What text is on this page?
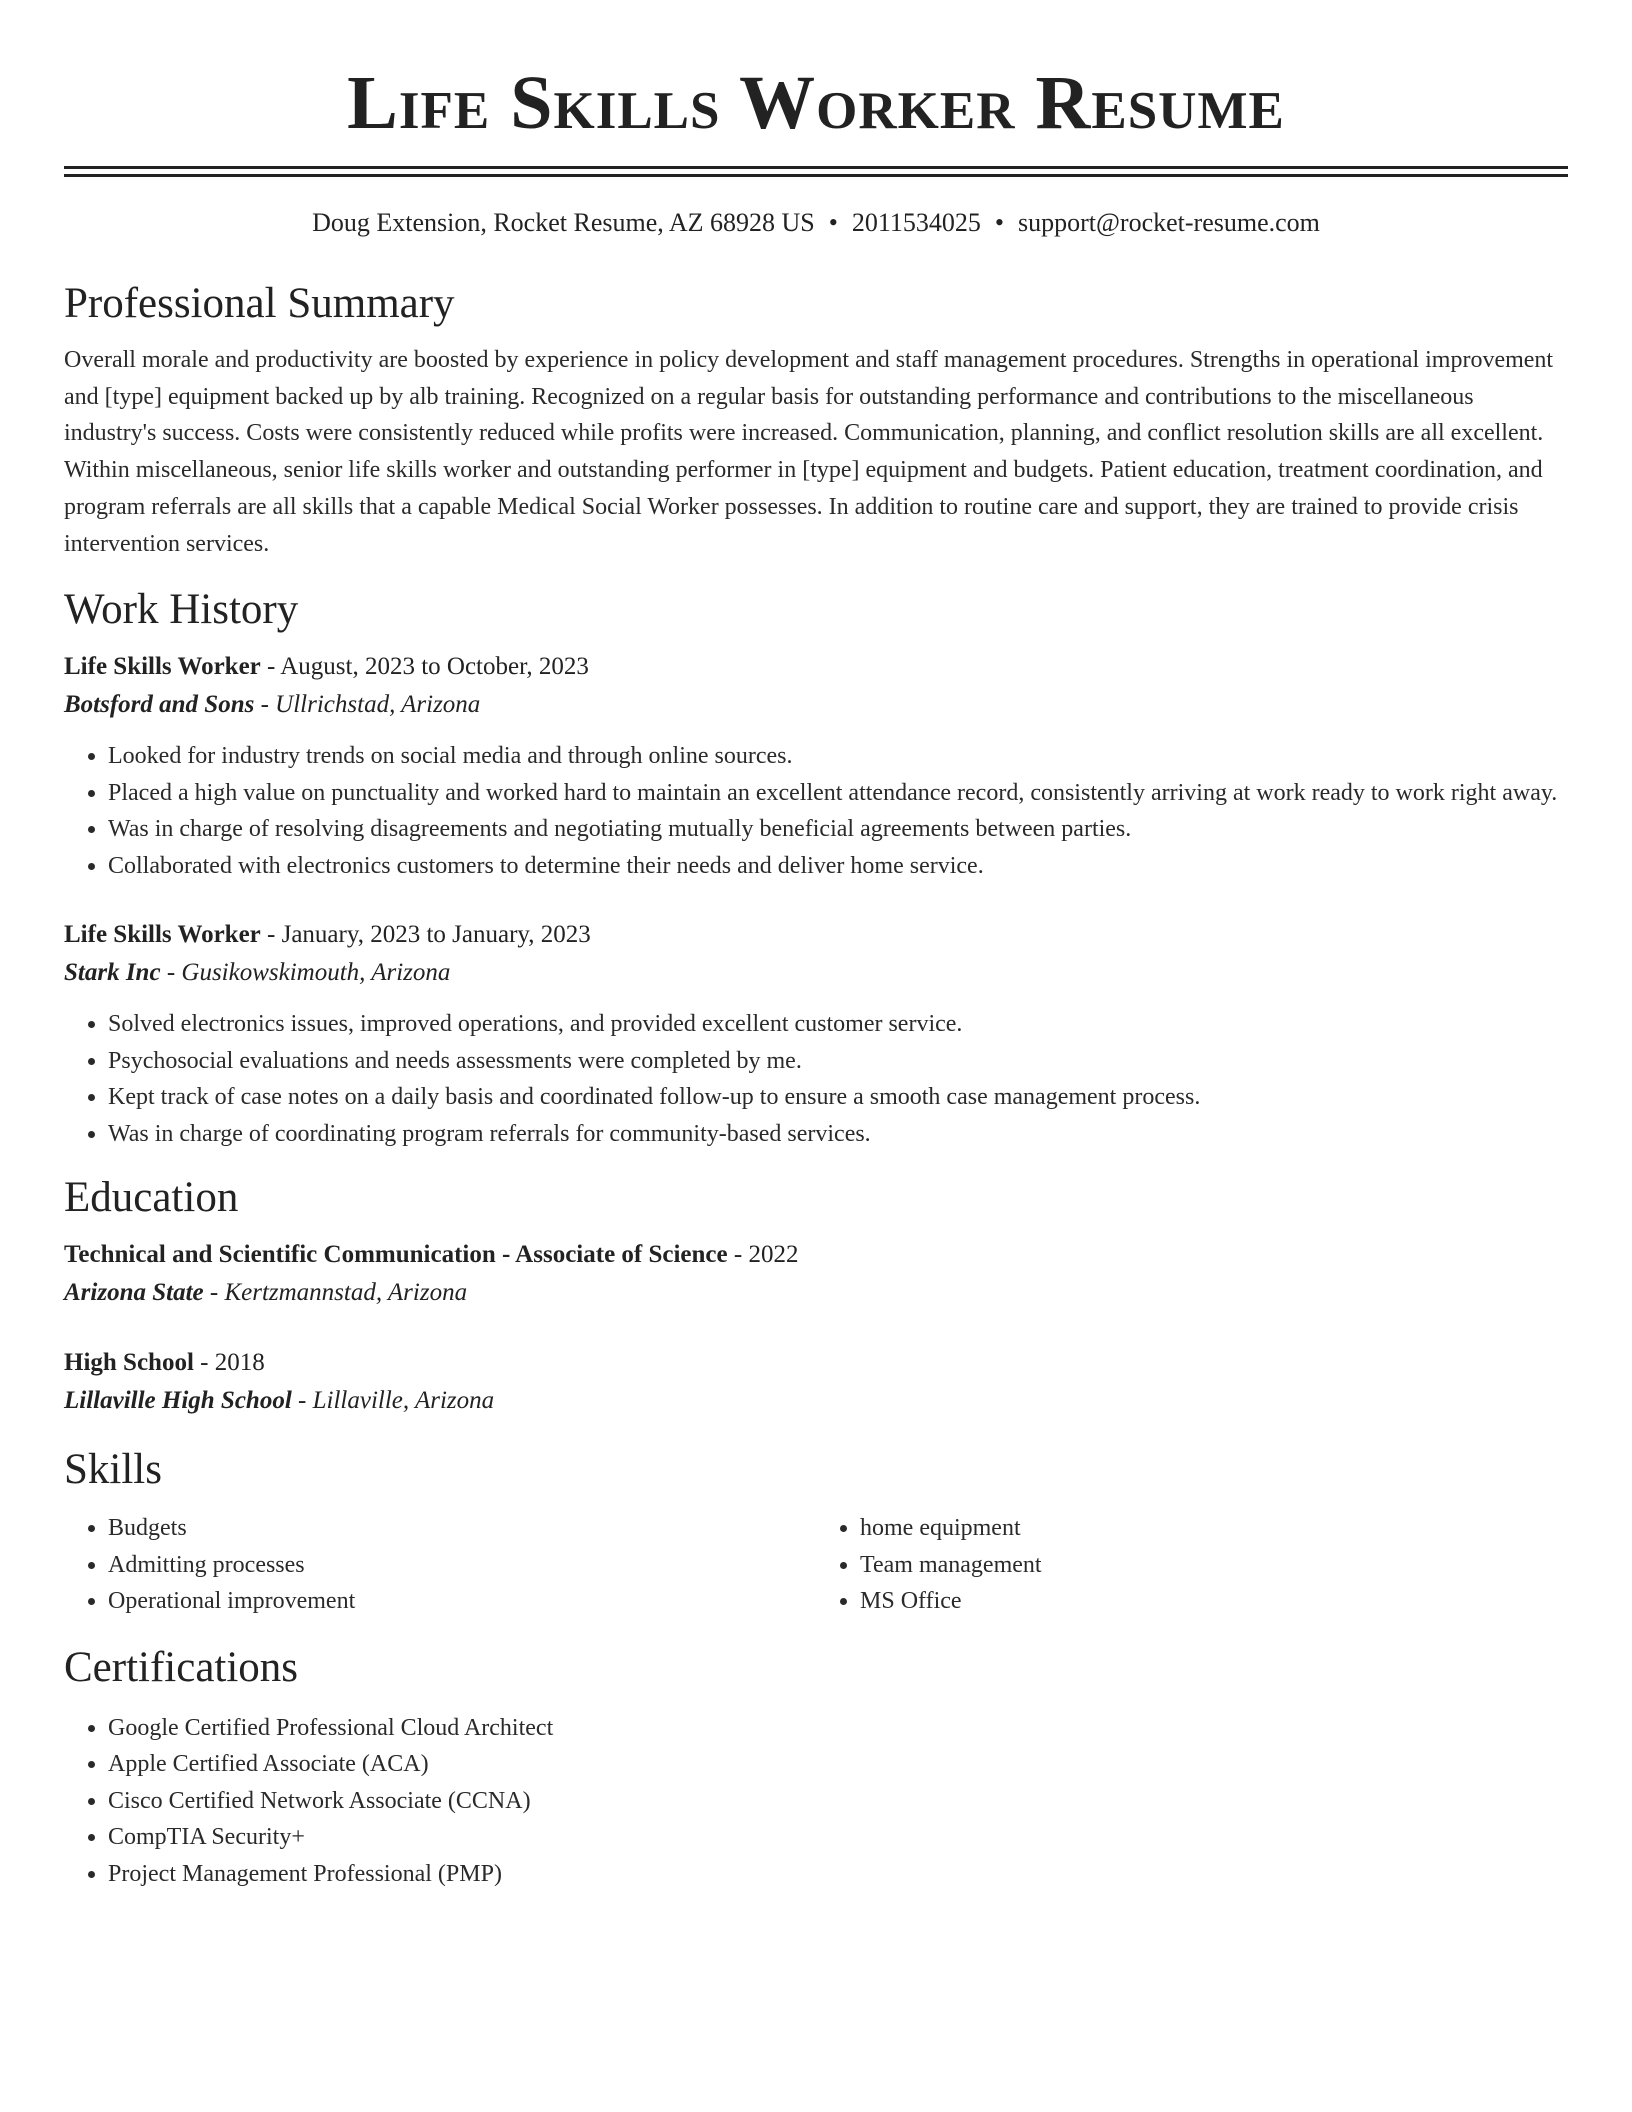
Life Skills Worker Resume
Doug Extension, Rocket Resume, AZ 68928 US • 2011534025 • support@rocket-resume.com
Professional Summary
Overall morale and productivity are boosted by experience in policy development and staff management procedures. Strengths in operational improvement and [type] equipment backed up by alb training. Recognized on a regular basis for outstanding performance and contributions to the miscellaneous industry's success. Costs were consistently reduced while profits were increased. Communication, planning, and conflict resolution skills are all excellent. Within miscellaneous, senior life skills worker and outstanding performer in [type] equipment and budgets. Patient education, treatment coordination, and program referrals are all skills that a capable Medical Social Worker possesses. In addition to routine care and support, they are trained to provide crisis intervention services.
Work History
Life Skills Worker - August, 2023 to October, 2023
Botsford and Sons - Ullrichstad, Arizona
• Looked for industry trends on social media and through online sources.
• Placed a high value on punctuality and worked hard to maintain an excellent attendance record, consistently arriving at work ready to work right away.
• Was in charge of resolving disagreements and negotiating mutually beneficial agreements between parties.
• Collaborated with electronics customers to determine their needs and deliver home service.
Life Skills Worker - January, 2023 to January, 2023
Stark Inc - Gusikowskimouth, Arizona
• Solved electronics issues, improved operations, and provided excellent customer service.
• Psychosocial evaluations and needs assessments were completed by me.
• Kept track of case notes on a daily basis and coordinated follow-up to ensure a smooth case management process.
• Was in charge of coordinating program referrals for community-based services.
Education
Technical and Scientific Communication - Associate of Science - 2022
Arizona State - Kertzmannstad, Arizona
High School - 2018
Lillaville High School - Lillaville, Arizona
Skills
• Budgets
• Admitting processes
• Operational improvement
• home equipment
• Team management
• MS Office
Certifications
• Google Certified Professional Cloud Architect
• Apple Certified Associate (ACA)
• Cisco Certified Network Associate (CCNA)
• CompTIA Security+
• Project Management Professional (PMP)
